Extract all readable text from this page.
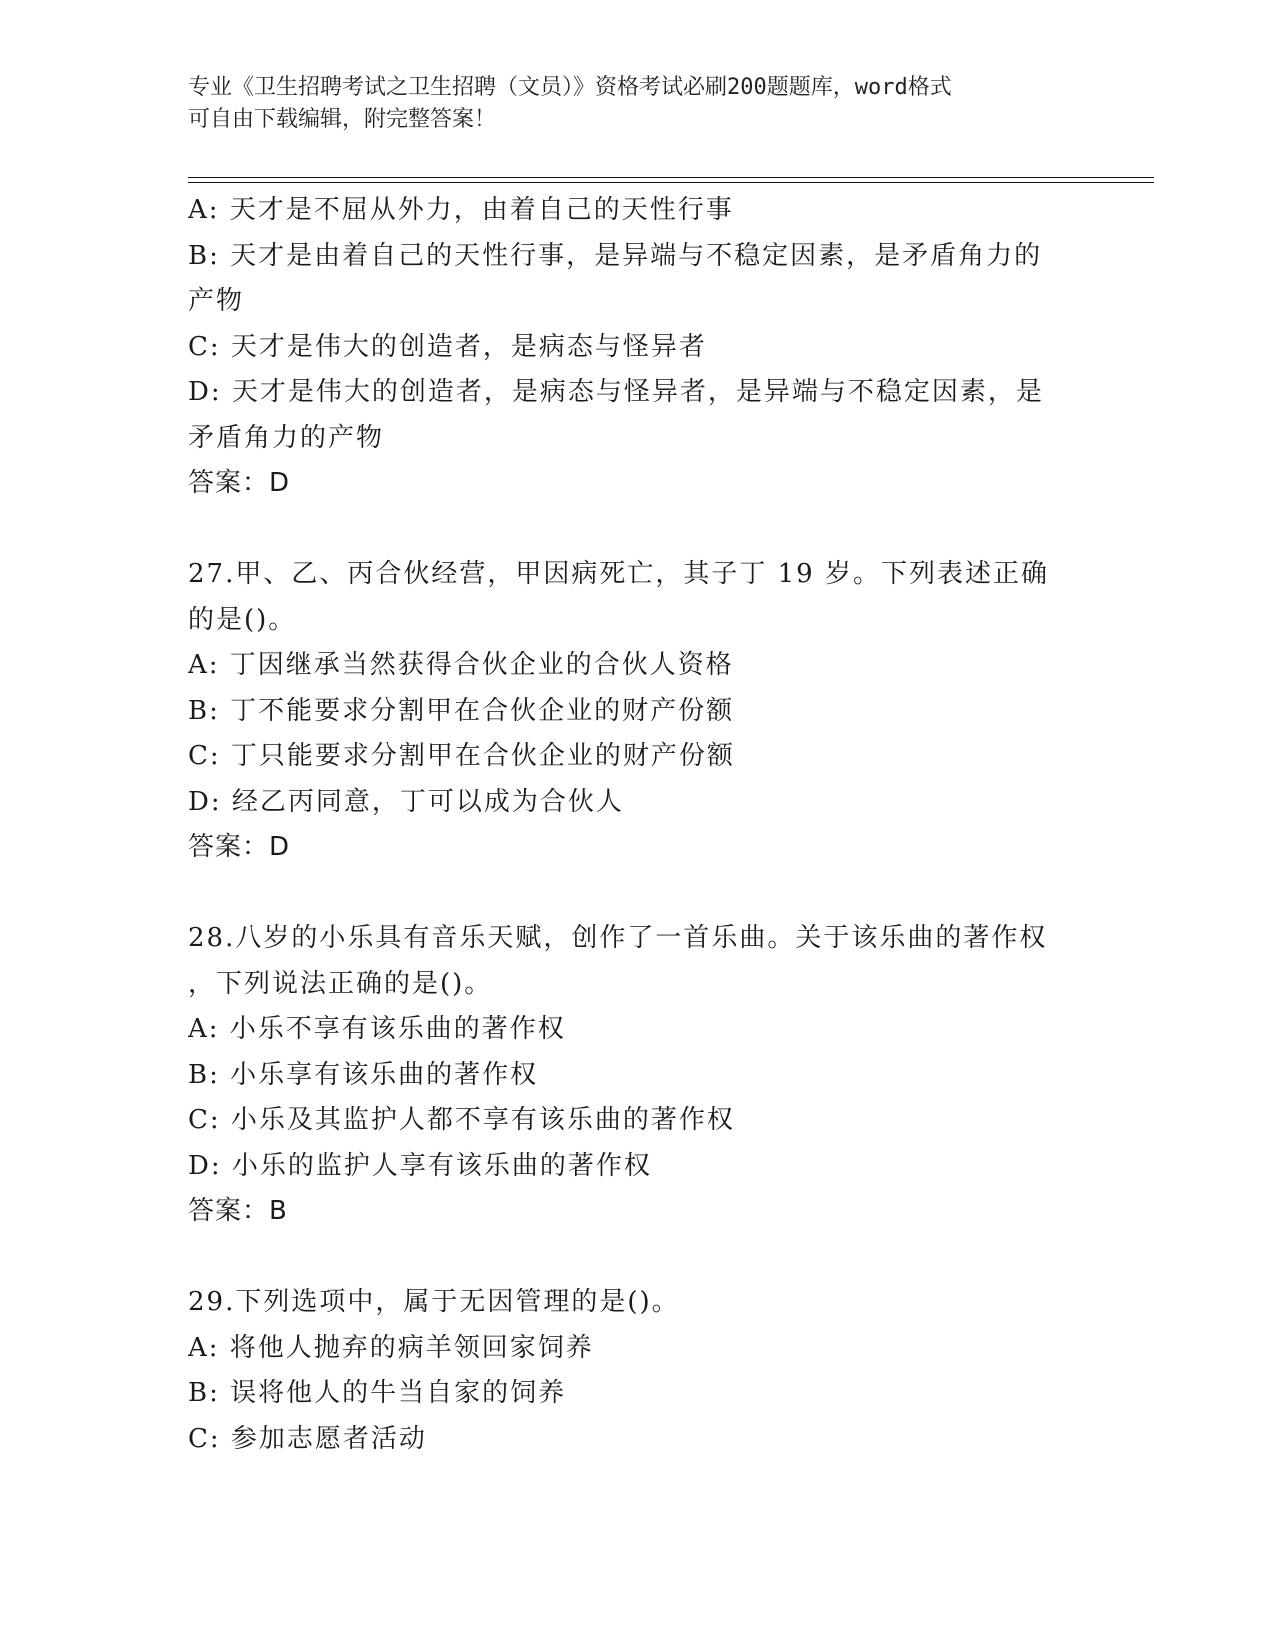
专业《卫生招聘考试之卫生招聘（文员）》资格考试必刷200题题库，word格式
可自由下载编辑，附完整答案！
A: 天才是不屈从外力，由着自己的天性行事
B: 天才是由着自己的天性行事，是异端与不稳定因素，是矛盾角力的
产物
C: 天才是伟大的创造者，是病态与怪异者
D: 天才是伟大的创造者，是病态与怪异者，是异端与不稳定因素，是
矛盾角力的产物
答案：D
27.甲、乙、丙合伙经营，甲因病死亡，其子丁 19 岁。下列表述正确
的是()。
A: 丁因继承当然获得合伙企业的合伙人资格
B: 丁不能要求分割甲在合伙企业的财产份额
C: 丁只能要求分割甲在合伙企业的财产份额
D: 经乙丙同意，丁可以成为合伙人
答案：D
28.八岁的小乐具有音乐天赋，创作了一首乐曲。关于该乐曲的著作权
，下列说法正确的是()。
A: 小乐不享有该乐曲的著作权
B: 小乐享有该乐曲的著作权
C: 小乐及其监护人都不享有该乐曲的著作权
D: 小乐的监护人享有该乐曲的著作权
答案：B
29.下列选项中，属于无因管理的是()。
A: 将他人抛弃的病羊领回家饲养
B: 误将他人的牛当自家的饲养
C: 参加志愿者活动
